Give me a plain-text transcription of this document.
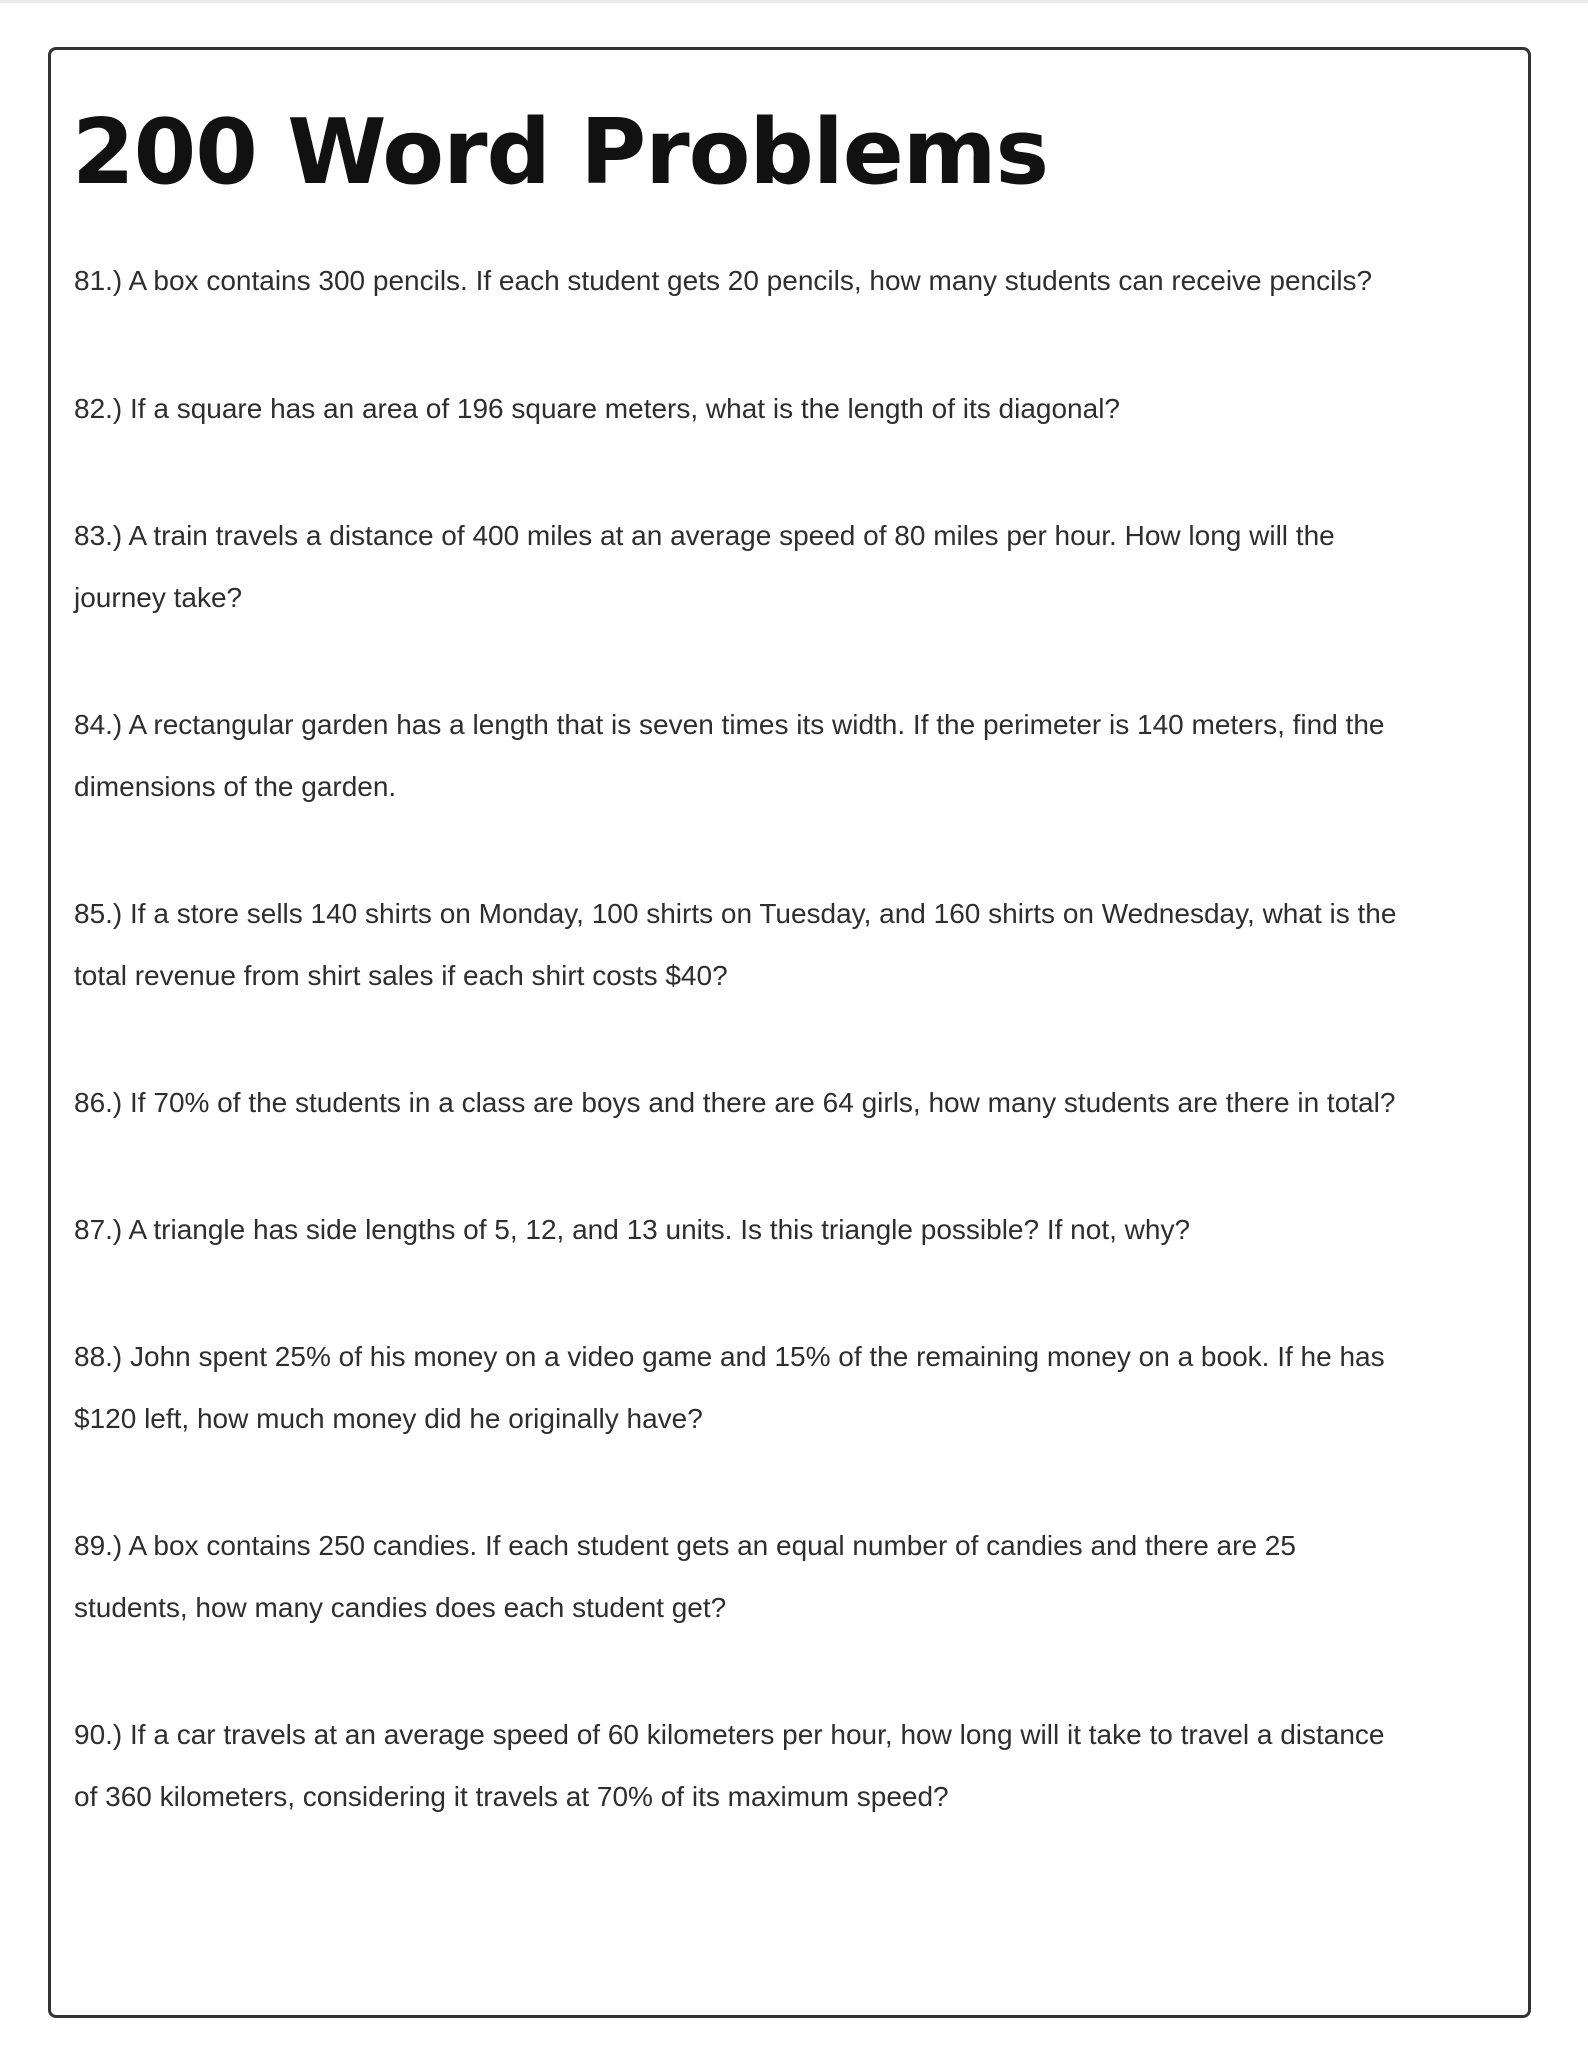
200 Word Problems
81.) A box contains 300 pencils. If each student gets 20 pencils, how many students can receive pencils?
82.) If a square has an area of 196 square meters, what is the length of its diagonal?
83.) A train travels a distance of 400 miles at an average speed of 80 miles per hour. How long will the journey take?
84.) A rectangular garden has a length that is seven times its width. If the perimeter is 140 meters, find the dimensions of the garden.
85.) If a store sells 140 shirts on Monday, 100 shirts on Tuesday, and 160 shirts on Wednesday, what is the total revenue from shirt sales if each shirt costs $40?
86.) If 70% of the students in a class are boys and there are 64 girls, how many students are there in total?
87.) A triangle has side lengths of 5, 12, and 13 units. Is this triangle possible? If not, why?
88.) John spent 25% of his money on a video game and 15% of the remaining money on a book. If he has $120 left, how much money did he originally have?
89.) A box contains 250 candies. If each student gets an equal number of candies and there are 25 students, how many candies does each student get?
90.) If a car travels at an average speed of 60 kilometers per hour, how long will it take to travel a distance of 360 kilometers, considering it travels at 70% of its maximum speed?
